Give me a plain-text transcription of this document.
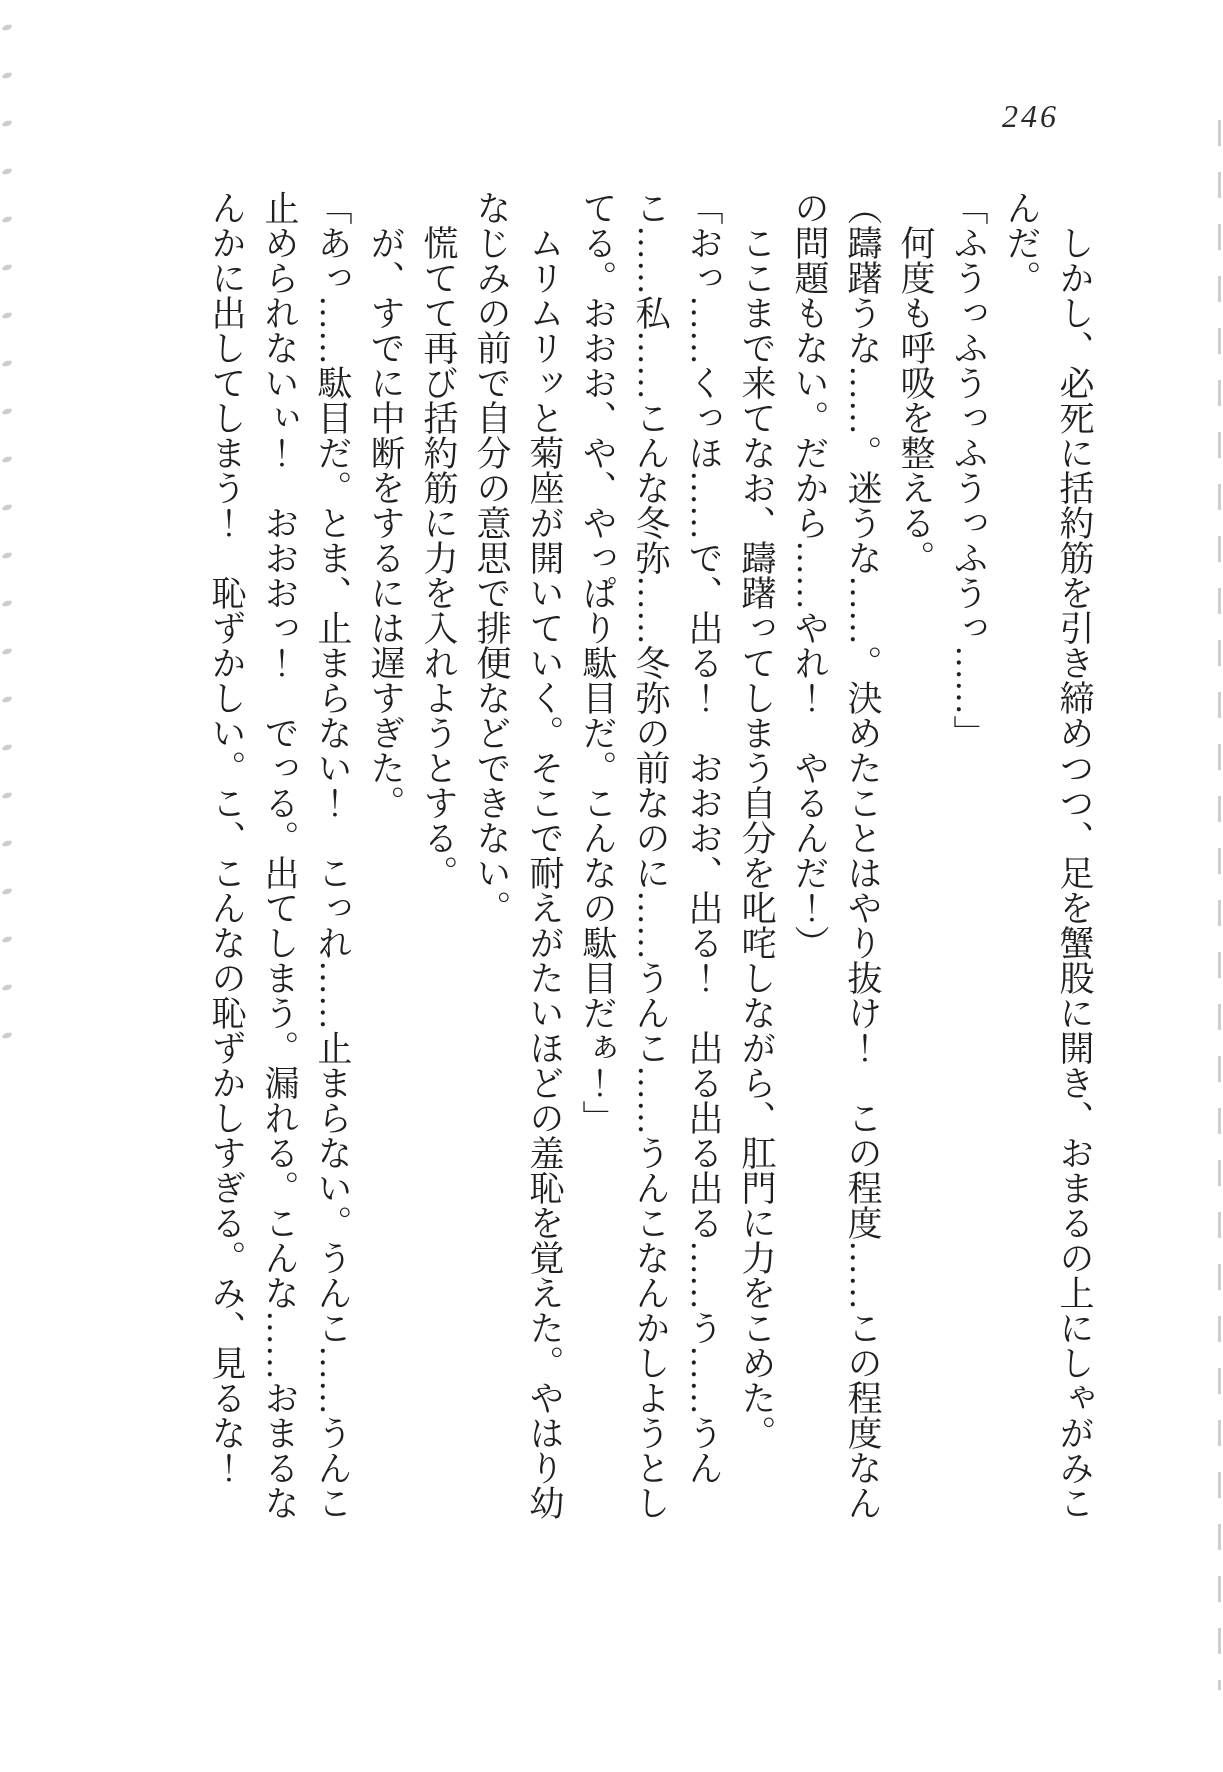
246

しかし、必死に括約筋を引き締めつつ、足を蟹股に開き、おまるの上にしゃがみこんだ。

「ふうっふうっふうっふうっ……」

何度も呼吸を整える。

（躊躇うな……。迷うな……。決めたことはやり抜け！　この程度……この程度なんの問題もない。だから……やれ！　やるんだ！）

ここまで来てなお、躊躇ってしまう自分を叱咤しながら、肛門に力をこめた。

「おっ……くっほ……で、出る！　おおお、出る！　出る出る出る……う……うんこ……私……こんな冬弥……冬弥の前なのに……うんこ……うんこなんかしようとしてる。おおお、や、やっぱり駄目だ。こんなの駄目だぁ！」

ムリムリッと菊座が開いていく。そこで耐えがたいほどの羞恥を覚えた。やはり幼なじみの前で自分の意思で排便などできない。

慌てて再び括約筋に力を入れようとする。

が、すでに中断をするには遅すぎた。

「あっ……駄目だ。とま、止まらない！　こっれ……止まらない。うんこ……うんこ止められないぃ！　おおおっ！　でっる。出てしまう。漏れる。こんな……おまるなんかに出してしまう！　恥ずかしい。こ、こんなの恥ずかしすぎる。み、見るな！
